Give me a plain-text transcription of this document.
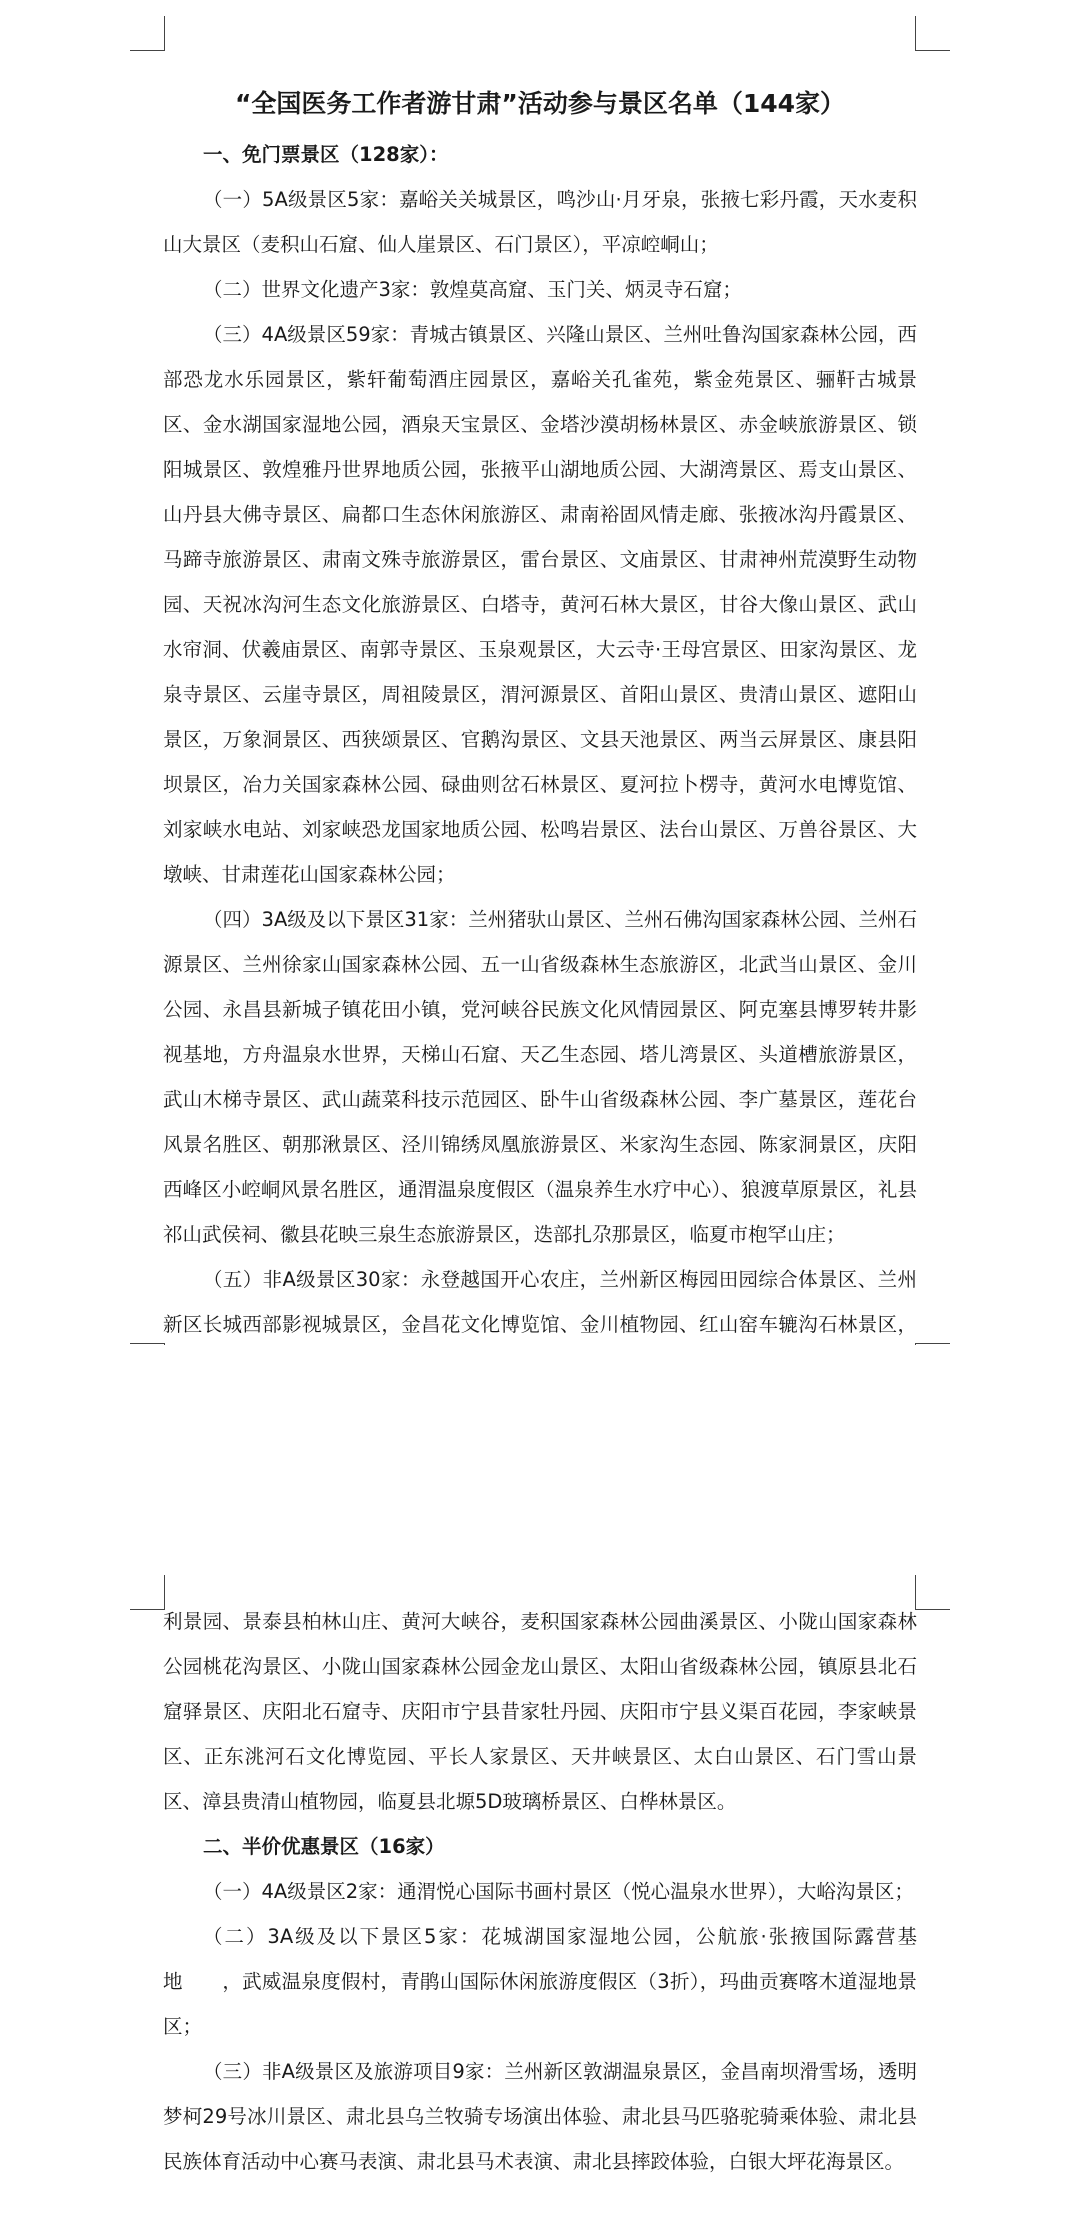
“全国医务工作者游甘肃”活动参与景区名单（144家）

一、免门票景区（128家）：

（一）5A级景区5家：嘉峪关关城景区，鸣沙山·月牙泉，张掖七彩丹霞，天水麦积山大景区（麦积山石窟、仙人崖景区、石门景区），平凉崆峒山；

（二）世界文化遗产3家：敦煌莫高窟、玉门关、炳灵寺石窟；

（三）4A级景区59家：青城古镇景区、兴隆山景区、兰州吐鲁沟国家森林公园，西部恐龙水乐园景区，紫轩葡萄酒庄园景区，嘉峪关孔雀苑，紫金苑景区、骊靬古城景区、金水湖国家湿地公园，酒泉天宝景区、金塔沙漠胡杨林景区、赤金峡旅游景区、锁阳城景区、敦煌雅丹世界地质公园，张掖平山湖地质公园、大湖湾景区、焉支山景区、山丹县大佛寺景区、扁都口生态休闲旅游区、肃南裕固风情走廊、张掖冰沟丹霞景区、马蹄寺旅游景区、肃南文殊寺旅游景区，雷台景区、文庙景区、甘肃神州荒漠野生动物园、天祝冰沟河生态文化旅游景区、白塔寺，黄河石林大景区，甘谷大像山景区、武山水帘洞、伏羲庙景区、南郭寺景区、玉泉观景区，大云寺·王母宫景区、田家沟景区、龙泉寺景区、云崖寺景区，周祖陵景区，渭河源景区、首阳山景区、贵清山景区、遮阳山景区，万象洞景区、西狭颂景区、官鹅沟景区、文县天池景区、两当云屏景区、康县阳坝景区，冶力关国家森林公园、碌曲则岔石林景区、夏河拉卜楞寺，黄河水电博览馆、刘家峡水电站、刘家峡恐龙国家地质公园、松鸣岩景区、法台山景区、万兽谷景区、大墩峡、甘肃莲花山国家森林公园；

（四）3A级及以下景区31家：兰州猪驮山景区、兰州石佛沟国家森林公园、兰州石源景区、兰州徐家山国家森林公园、五一山省级森林生态旅游区，北武当山景区、金川公园、永昌县新城子镇花田小镇，党河峡谷民族文化风情园景区、阿克塞县博罗转井影视基地，方舟温泉水世界，天梯山石窟、天乙生态园、塔儿湾景区、头道槽旅游景区，武山木梯寺景区、武山蔬菜科技示范园区、卧牛山省级森林公园、李广墓景区，莲花台风景名胜区、朝那湫景区、泾川锦绣凤凰旅游景区、米家沟生态园、陈家洞景区，庆阳西峰区小崆峒风景名胜区，通渭温泉度假区（温泉养生水疗中心）、狼渡草原景区，礼县祁山武侯祠、徽县花映三泉生态旅游景区，迭部扎尕那景区，临夏市枹罕山庄；

（五）非A级景区30家：永登越国开心农庄，兰州新区梅园田园综合体景区、兰州新区长城西部影视城景区，金昌花文化博览馆、金川植物园、红山窑车辘沟石林景区，

利景园、景泰县柏林山庄、黄河大峡谷，麦积国家森林公园曲溪景区、小陇山国家森林公园桃花沟景区、小陇山国家森林公园金龙山景区、太阳山省级森林公园，镇原县北石窟驿景区、庆阳北石窟寺、庆阳市宁县昔家牡丹园、庆阳市宁县义渠百花园，李家峡景区、正东洮河石文化博览园、平长人家景区、天井峡景区、太白山景区、石门雪山景区、漳县贵清山植物园，临夏县北塬5D玻璃桥景区、白桦林景区。

二、半价优惠景区（16家）

（一）4A级景区2家：通渭悦心国际书画村景区（悦心温泉水世界），大峪沟景区；

（二）3A级及以下景区5家：花城湖国家湿地公园，公航旅·张掖国际露营基地　　，武威温泉度假村，青鹃山国际休闲旅游度假区（3折），玛曲贡赛喀木道湿地景区；

（三）非A级景区及旅游项目9家：兰州新区敦湖温泉景区，金昌南坝滑雪场，透明梦柯29号冰川景区、肃北县乌兰牧骑专场演出体验、肃北县马匹骆驼骑乘体验、肃北县民族体育活动中心赛马表演、肃北县马术表演、肃北县摔跤体验，白银大坪花海景区。
